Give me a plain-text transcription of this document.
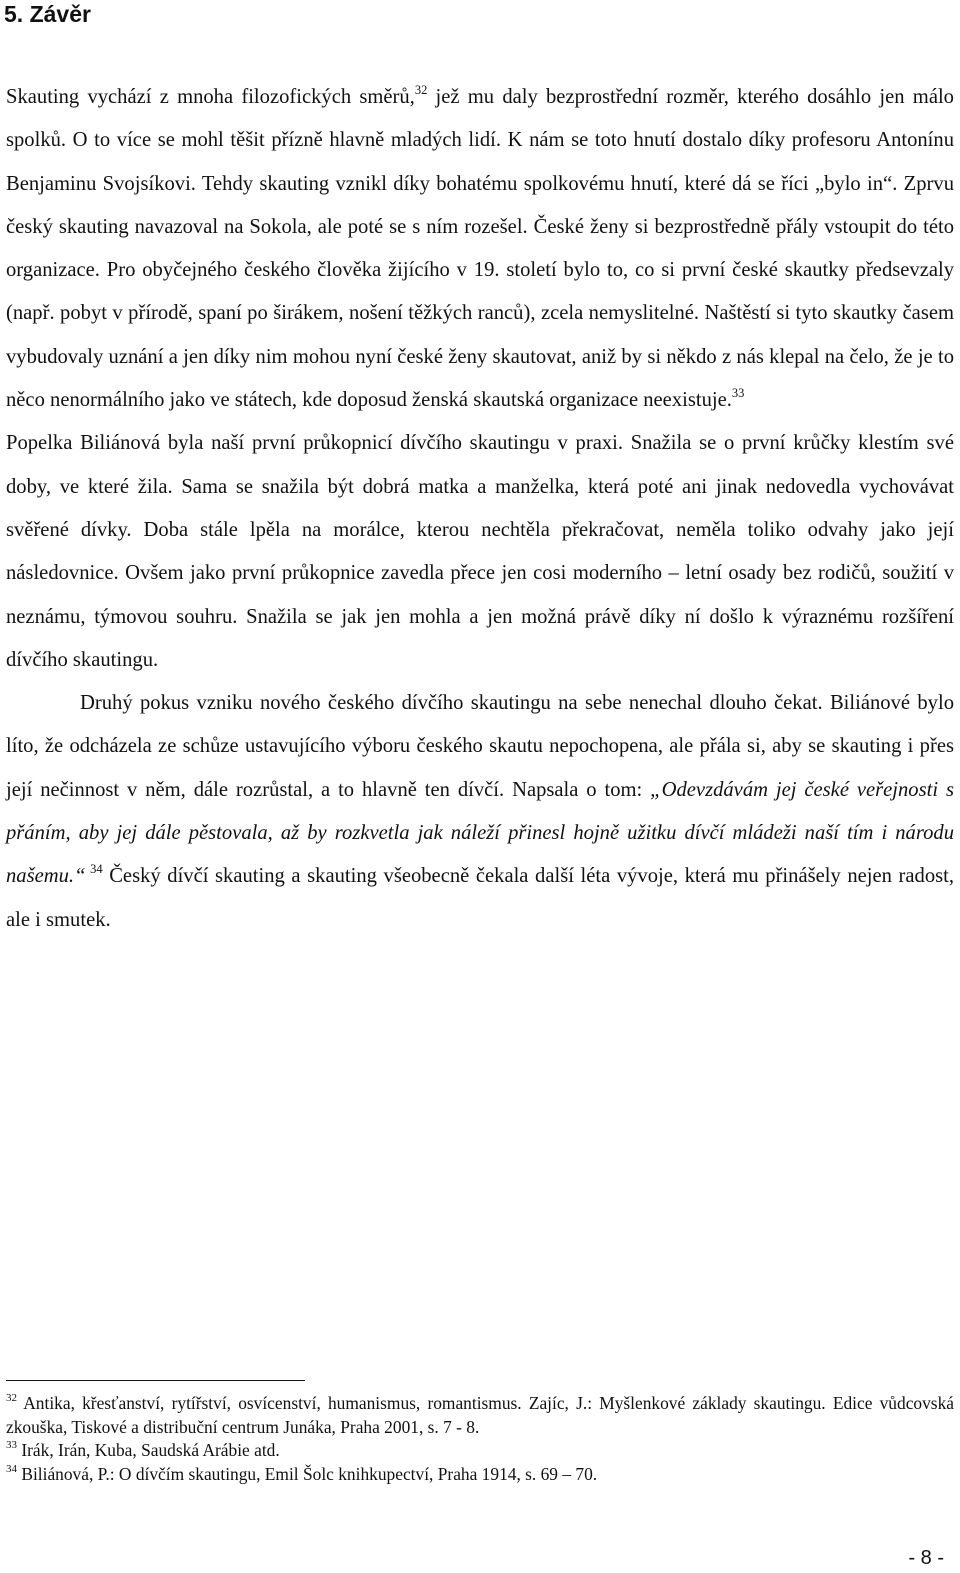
5. Závěr

Skauting vychází z mnoha filozofických směrů,$^{32}$ jež mu daly bezprostřední rozměr, kterého dosáhlo jen málo spolků. O to více se mohl těšit přízně hlavně mladých lidí. K nám se toto hnutí dostalo díky profesoru Antonínu Benjaminu Svojsíkovi. Tehdy skauting vznikl díky bohatému spolkovému hnutí, které dá se říci „bylo in“. Zprvu český skauting navazoval na Sokola, ale poté se s ním rozešel. České ženy si bezprostředně přály vstoupit do této organizace. Pro obyčejného českého člověka žijícího v 19. století bylo to, co si první české skautky předsevzaly (např. pobyt v přírodě, spaní po širákem, nošení těžkých ranců), zcela nemyslitelné. Naštěstí si tyto skautky časem vybudovaly uznání a jen díky nim mohou nyní české ženy skautovat, aniž by si někdo z nás klepal na čelo, že je to něco nenormálního jako ve státech, kde doposud ženská skautská organizace neexistuje.$^{33}$

Popelka Biliánová byla naší první průkopnicí dívčího skautingu v praxi. Snažila se o první krůčky klestím své doby, ve které žila. Sama se snažila být dobrá matka a manželka, která poté ani jinak nedovedla vychovávat svěřené dívky. Doba stále lpěla na morálce, kterou nechtěla překračovat, neměla toliko odvahy jako její následovnice. Ovšem jako první průkopnice zavedla přece jen cosi moderního – letní osady bez rodičů, soužití v neznámu, týmovou souhru. Snažila se jak jen mohla a jen možná právě díky ní došlo k výraznému rozšíření dívčího skautingu.

Druhý pokus vzniku nového českého dívčího skautingu na sebe nenechal dlouho čekat. Biliánové bylo líto, že odcházela ze schůze ustavujícího výboru českého skautu nepochopena, ale přála si, aby se skauting i přes její nečinnost v něm, dále rozrůstal, a to hlavně ten dívčí. Napsala o tom: „Odevzdávám jej české veřejnosti s přáním, aby jej dále pěstovala, až by rozkvetla jak náleží přinesl hojně užitku dívčí mládeži naší tím i národu našemu.“ $^{34}$ Český dívčí skauting a skauting všeobecně čekala další léta vývoje, která mu přinášely nejen radost, ale i smutek.

$^{32}$ Antika, křesťanství, rytířství, osvícenství, humanismus, romantismus. Zajíc, J.: Myšlenkové základy skautingu. Edice vůdcovská zkouška, Tiskové a distribuční centrum Junáka, Praha 2001, s. 7 - 8.

$^{33}$ Irák, Irán, Kuba, Saudská Arábie atd.

$^{34}$ Biliánová, P.: O dívčím skautingu, Emil Šolc knihkupectví, Praha 1914, s. 69 – 70.

- 8 -
